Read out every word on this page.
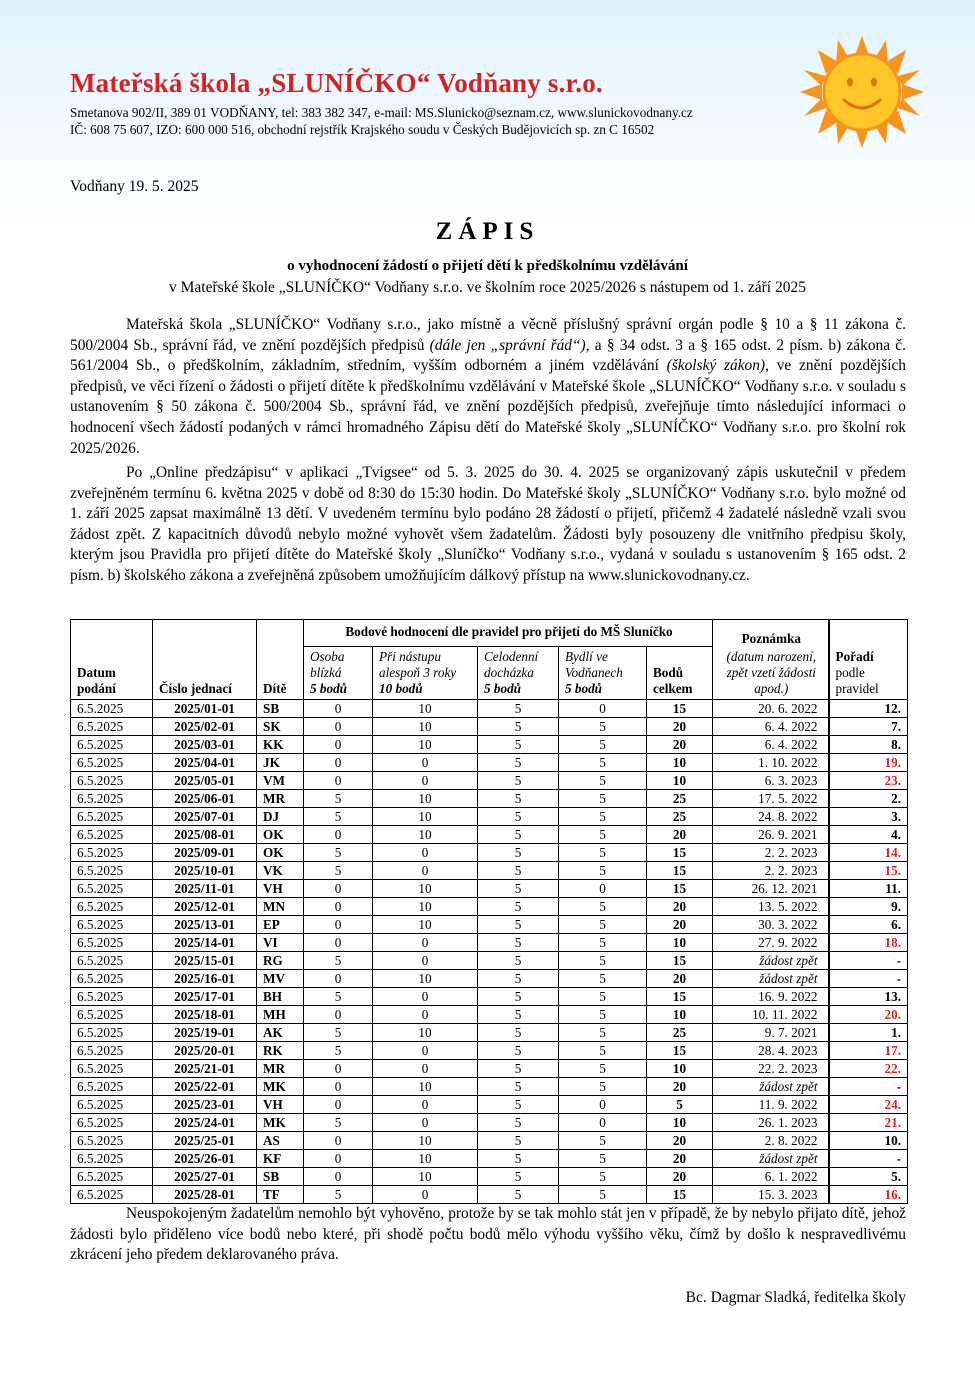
Mateřská škola „SLUNÍČKO“ Vodňany s.r.o.
Smetanova 902/II, 389 01 VODŇANY, tel: 383 382 347, e-mail: MS.Slunicko@seznam.cz, www.slunickovodnany.cz
IČ: 608 75 607, IZO: 600 000 516, obchodní rejstřík Krajského soudu v Českých Budějovicích sp. zn C 16502
Vodňany 19. 5. 2025
ZÁPIS
o vyhodnocení žádostí o přijetí dětí k předškolnímu vzdělávání
v Mateřské škole „SLUNÍČKO“ Vodňany s.r.o. ve školním roce 2025/2026 s nástupem od 1. září 2025
Mateřská škola „SLUNÍČKO“ Vodňany s.r.o., jako místně a věcně příslušný správní orgán podle § 10 a § 11 zákona č. 500/2004 Sb., správní řád, ve znění pozdějších předpisů (dále jen „správní řád“), a § 34 odst. 3 a § 165 odst. 2 písm. b) zákona č. 561/2004 Sb., o předškolním, základním, středním, vyšším odborném a jiném vzdělávání (školský zákon), ve znění pozdějších předpisů, ve věci řízení o žádosti o přijetí dítěte k předškolnímu vzdělávání v Mateřské škole „SLUNÍČKO“ Vodňany s.r.o. v souladu s ustanovením § 50 zákona č. 500/2004 Sb., správní řád, ve znění pozdějších předpisů, zveřejňuje tímto následující informaci o hodnocení všech žádostí podaných v rámci hromadného Zápisu dětí do Mateřské školy „SLUNÍČKO“ Vodňany s.r.o. pro školní rok 2025/2026.
Po „Online předzápisu“ v aplikaci „Tvigsee“ od 5. 3. 2025 do 30. 4. 2025 se organizovaný zápis uskutečnil v předem zveřejněném termínu 6. května 2025 v době od 8:30 do 15:30 hodin. Do Mateřské školy „SLUNÍČKO“ Vodňany s.r.o. bylo možné od 1. září 2025 zapsat maximálně 13 dětí. V uvedeném termínu bylo podáno 28 žádostí o přijetí, přičemž 4 žadatelé následně vzali svou žádost zpět. Z kapacitních důvodů nebylo možné vyhovět všem žadatelům. Žádosti byly posouzeny dle vnitřního předpisu školy, kterým jsou Pravidla pro přijetí dítěte do Mateřské školy „Sluníčko“ Vodňany s.r.o., vydaná v souladu s ustanovením § 165 odst. 2 písm. b) školského zákona a zveřejněná způsobem umožňujícím dálkový přístup na www.slunickovodnany.cz.
Datum
podání	Číslo jednací	Dítě	Bodové hodnocení dle pravidel pro přijetí do MŠ Sluníčko					Poznámka
(datum narození,
zpět vzetí žádosti
apod.)	Pořadí
podle
pravidel
			Osoba
blízká
5 bodů	Při nástupu
alespoň 3 roky
10 bodů	Celodenní
docházka
5 bodů	Bydlí ve
Vodňanech
5 bodů	Bodů
celkem		
6.5.2025	2025/01-01	SB	0	10	5	0	15	20. 6. 2022	12.
6.5.2025	2025/02-01	SK	0	10	5	5	20	6. 4. 2022	7.
6.5.2025	2025/03-01	KK	0	10	5	5	20	6. 4. 2022	8.
6.5.2025	2025/04-01	JK	0	0	5	5	10	1. 10. 2022	19.
6.5.2025	2025/05-01	VM	0	0	5	5	10	6. 3. 2023	23.
6.5.2025	2025/06-01	MR	5	10	5	5	25	17. 5. 2022	2.
6.5.2025	2025/07-01	DJ	5	10	5	5	25	24. 8. 2022	3.
6.5.2025	2025/08-01	OK	0	10	5	5	20	26. 9. 2021	4.
6.5.2025	2025/09-01	OK	5	0	5	5	15	2. 2. 2023	14.
6.5.2025	2025/10-01	VK	5	0	5	5	15	2. 2. 2023	15.
6.5.2025	2025/11-01	VH	0	10	5	0	15	26. 12. 2021	11.
6.5.2025	2025/12-01	MN	0	10	5	5	20	13. 5. 2022	9.
6.5.2025	2025/13-01	EP	0	10	5	5	20	30. 3. 2022	6.
6.5.2025	2025/14-01	VI	0	0	5	5	10	27. 9. 2022	18.
6.5.2025	2025/15-01	RG	5	0	5	5	15	žádost zpět	-
6.5.2025	2025/16-01	MV	0	10	5	5	20	žádost zpět	-
6.5.2025	2025/17-01	BH	5	0	5	5	15	16. 9. 2022	13.
6.5.2025	2025/18-01	MH	0	0	5	5	10	10. 11. 2022	20.
6.5.2025	2025/19-01	AK	5	10	5	5	25	9. 7. 2021	1.
6.5.2025	2025/20-01	RK	5	0	5	5	15	28. 4. 2023	17.
6.5.2025	2025/21-01	MR	0	0	5	5	10	22. 2. 2023	22.
6.5.2025	2025/22-01	MK	0	10	5	5	20	žádost zpět	-
6.5.2025	2025/23-01	VH	0	0	5	0	5	11. 9. 2022	24.
6.5.2025	2025/24-01	MK	5	0	5	0	10	26. 1. 2023	21.
6.5.2025	2025/25-01	AS	0	10	5	5	20	2. 8. 2022	10.
6.5.2025	2025/26-01	KF	0	10	5	5	20	žádost zpět	-
6.5.2025	2025/27-01	SB	0	10	5	5	20	6. 1. 2022	5.
6.5.2025	2025/28-01	TF	5	0	5	5	15	15. 3. 2023	16.
Neuspokojeným žadatelům nemohlo být vyhověno, protože by se tak mohlo stát jen v případě, že by nebylo přijato dítě, jehož žádosti bylo přiděleno více bodů nebo které, při shodě počtu bodů mělo výhodu vyššího věku, čímž by došlo k nespravedlivému zkrácení jeho předem deklarovaného práva.
Bc. Dagmar Sladká, ředitelka školy
